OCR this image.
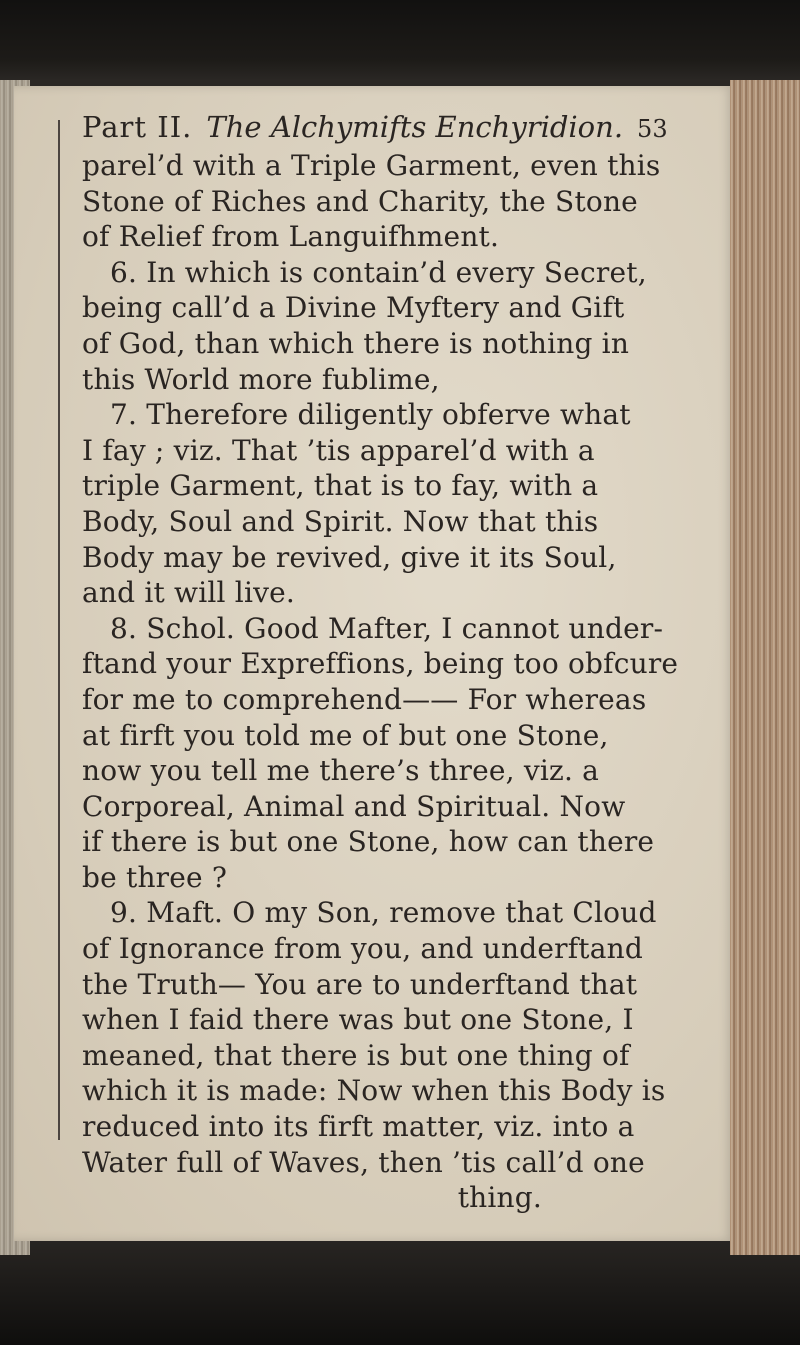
Part II. The Alchymifts Enchyridion. 53
parel’d with a Triple Garment, even this
Stone of Riches and Charity, the Stone
of Relief from Languifhment.
6. In which is contain’d every Secret,
being call’d a Divine Myftery and Gift
of God, than which there is nothing in
this World more fublime,
7. Therefore diligently obferve what
I fay ; viz. That ’tis apparel’d with a
triple Garment, that is to fay, with a
Body, Soul and Spirit. Now that this
Body may be revived, give it its Soul,
and it will live.
8. Schol. Good Mafter, I cannot under-
ftand your Expreffions, being too obfcure
for me to comprehend—— For whereas
at firft you told me of but one Stone,
now you tell me there’s three, viz. a
Corporeal, Animal and Spiritual. Now
if there is but one Stone, how can there
be three ?
9. Maft. O my Son, remove that Cloud
of Ignorance from you, and underftand
the Truth— You are to underftand that
when I faid there was but one Stone, I
meaned, that there is but one thing of
which it is made: Now when this Body is
reduced into its firft matter, viz. into a
Water full of Waves, then ’tis call’d one
thing.
